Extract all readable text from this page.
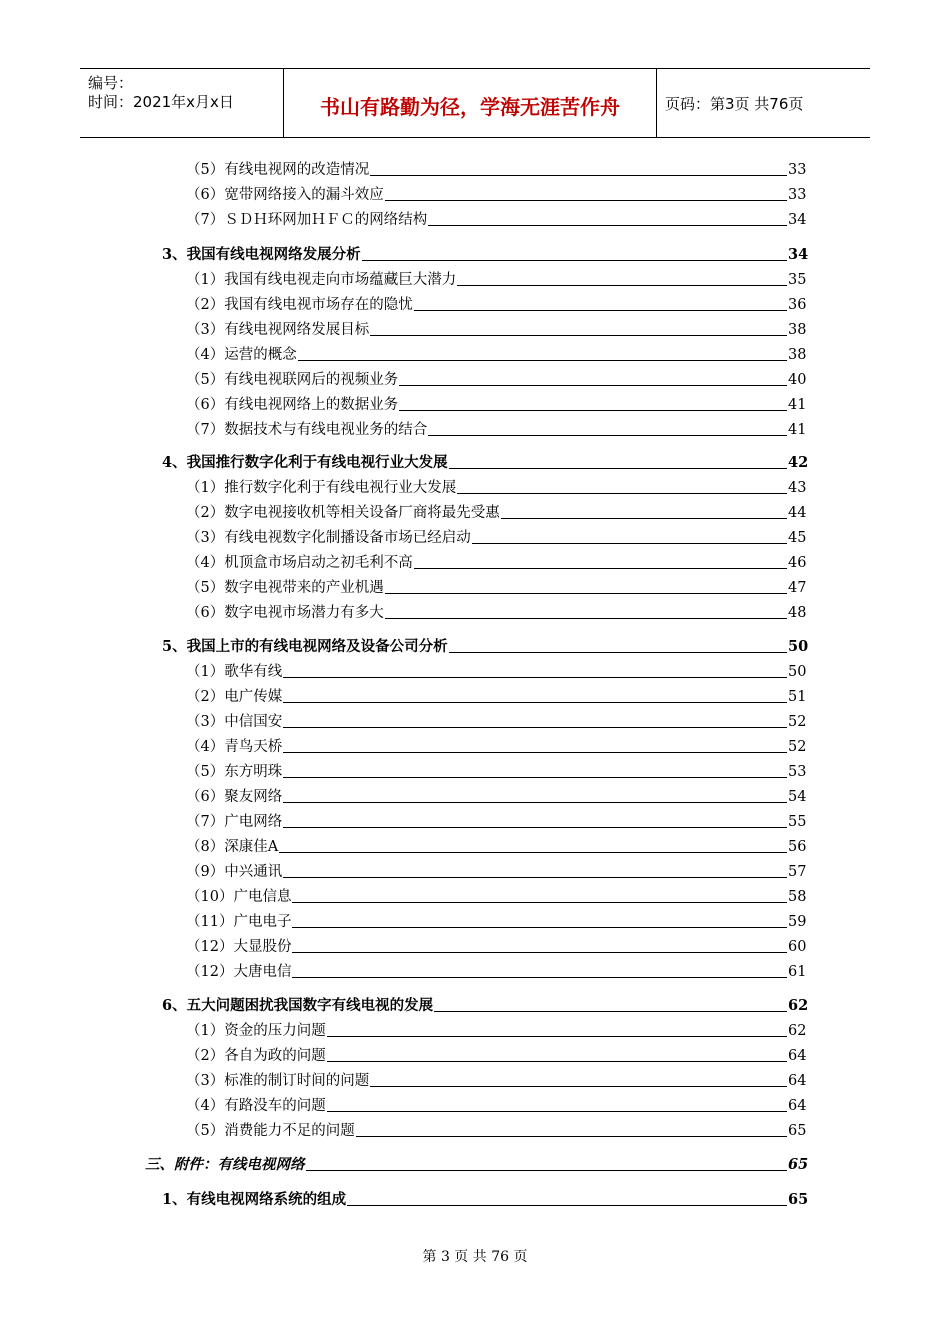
编号：
时间：2021年x月x日	书山有路勤为径，学海无涯苦作舟	页码：第3页 共76页
（5）有线电视网的改造情况	33
（6）宽带网络接入的漏斗效应	33
（7）ＳＤＨ环网加ＨＦＣ的网络结构	34
3、我国有线电视网络发展分析	34
（1）我国有线电视走向市场蕴藏巨大潜力	35
（2）我国有线电视市场存在的隐忧	36
（3）有线电视网络发展目标	38
（4）运营的概念	38
（5）有线电视联网后的视频业务	40
（6）有线电视网络上的数据业务	41
（7）数据技术与有线电视业务的结合	41
4、我国推行数字化利于有线电视行业大发展	42
（1）推行数字化利于有线电视行业大发展	43
（2）数字电视接收机等相关设备厂商将最先受惠	44
（3）有线电视数字化制播设备市场已经启动	45
（4）机顶盒市场启动之初毛利不高	46
（5）数字电视带来的产业机遇	47
（6）数字电视市场潜力有多大	48
5、我国上市的有线电视网络及设备公司分析	50
（1）歌华有线	50
（2）电广传媒	51
（3）中信国安	52
（4）青鸟天桥	52
（5）东方明珠	53
（6）聚友网络	54
（7）广电网络	55
（8）深康佳A	56
（9）中兴通讯	57
（10）广电信息	58
（11）广电电子	59
（12）大显股份	60
（12）大唐电信	61
6、五大问题困扰我国数字有线电视的发展	62
（1）资金的压力问题	62
（2）各自为政的问题	64
（3）标准的制订时间的问题	64
（4）有路没车的问题	64
（5）消费能力不足的问题	65
三、附件：有线电视网络	65
1、有线电视网络系统的组成	65
第 3 页 共 76 页
